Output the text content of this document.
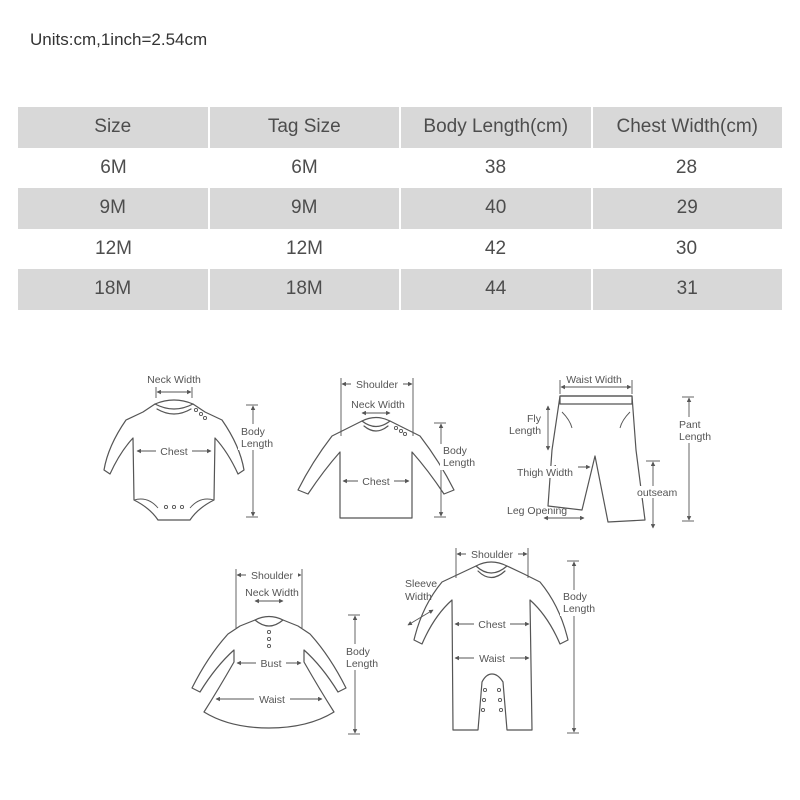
Units:cm,1inch=2.54cm
Size	Tag Size	Body Length(cm)	Chest Width(cm)
6M	6M	38	28
9M	9M	40	29
12M	12M	42	30
18M	18M	44	31
Neck Width
Chest
Body
Length
Shoulder
Neck Width
Chest
Body
Length
Waist Width
Fly
Length	Pant
Length
Thigh Width
outseam
Leg Opening
Shoulder
Neck Width
Bust
Waist
Body
Length
Shoulder
Sleeve
Width
Chest
Waist
Body
Length
